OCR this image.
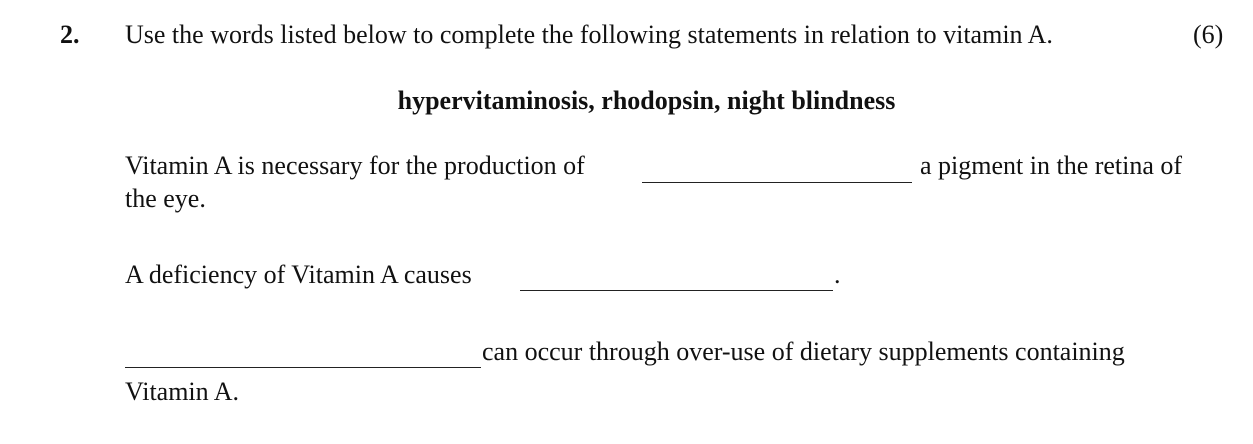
2. Use the words listed below to complete the following statements in relation to vitamin A.	(6)
hypervitaminosis, rhodopsin, night blindness
Vitamin A is necessary for the production of	a pigment in the retina of
the eye.
A deficiency of Vitamin A causes	.
can occur through over-use of dietary supplements containing
Vitamin A.
